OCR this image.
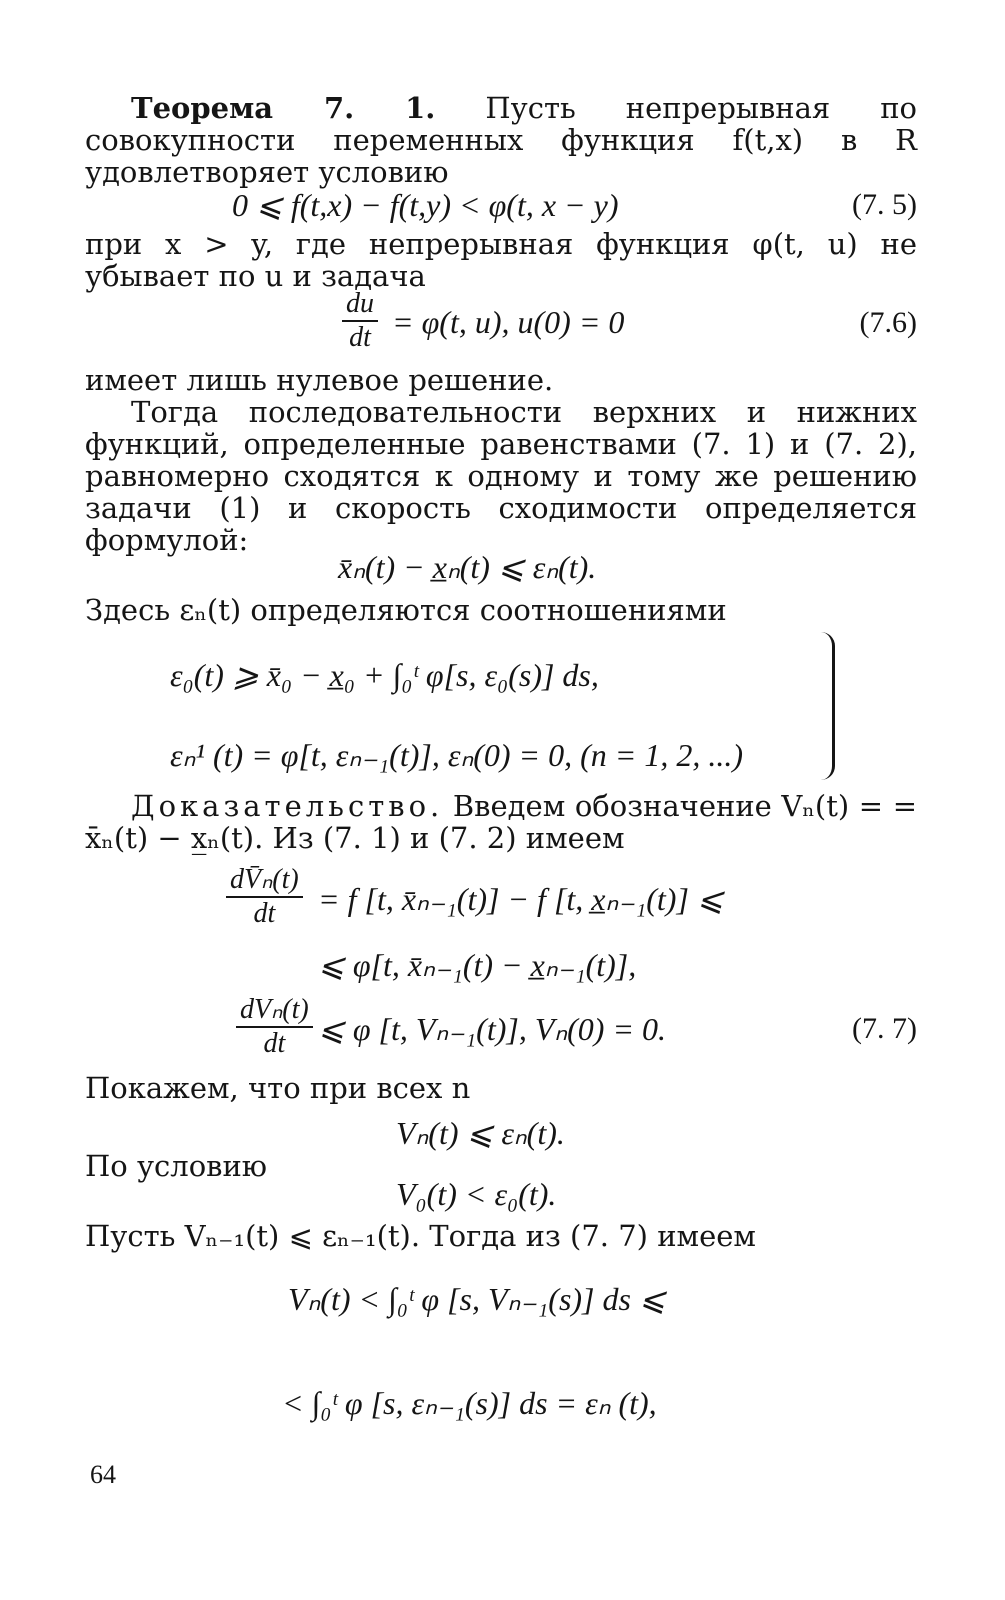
Теорема 7. 1. Пусть непрерывная по совокупности переменных функция f(t,x) в R удовлетворяет условию
0 ⩽ f(t,x) − f(t,y) < φ(t, x − y)	(7. 5)
при x > y, где непрерывная функция φ(t, u) не убывает по u и задача
$\frac{du}{dt} = \varphi(t$, u), u(0) = 0	(7.6)
имеет лишь нулевое решение.
Тогда последовательности верхних и нижних функций, определенные равенствами (7. 1) и (7. 2), равномерно сходятся к одному и тому же решению задачи (1) и скорость сходимости определяется формулой:
x̄ₙ(t) − x̲ₙ(t) ⩽ εₙ(t).
Здесь εₙ(t) определяются соотношениями
ε₀(t) ⩾ x̄₀ − x̲₀ + ∫₀ᵗ φ[s, ε₀(s)] ds,
εₙ¹ (t) = φ[t, εₙ₋₁(t)], εₙ(0) = 0, (n = 1, 2, ...)
Доказательство. Введем обозначение Vₙ(t) = = x̄ₙ(t) − x̲ₙ(t). Из (7. 1) и (7. 2) имеем
$\frac{\text{dV̄ₙ(t)}}{dt} = f$ [t, x̄ₙ₋₁(t)] − f [t, x̲ₙ₋₁(t)] ⩽
⩽ φ[t, x̄ₙ₋₁(t) − x̲ₙ₋₁(t)],
dVₙ(t)
dt	⩽ φ [t, Vₙ₋₁(t)], Vₙ(0) = 0.	(7. 7)
Покажем, что при всех n
Vₙ(t) ⩽ εₙ(t).
По условию
V₀(t) < ε₀(t).
Пусть Vₙ₋₁(t) ⩽ εₙ₋₁(t). Тогда из (7. 7) имеем
Vₙ(t) < ∫₀ᵗ φ [s, Vₙ₋₁(s)] ds ⩽
< ∫₀ᵗ φ [s, εₙ₋₁(s)] ds = εₙ (t),
64
